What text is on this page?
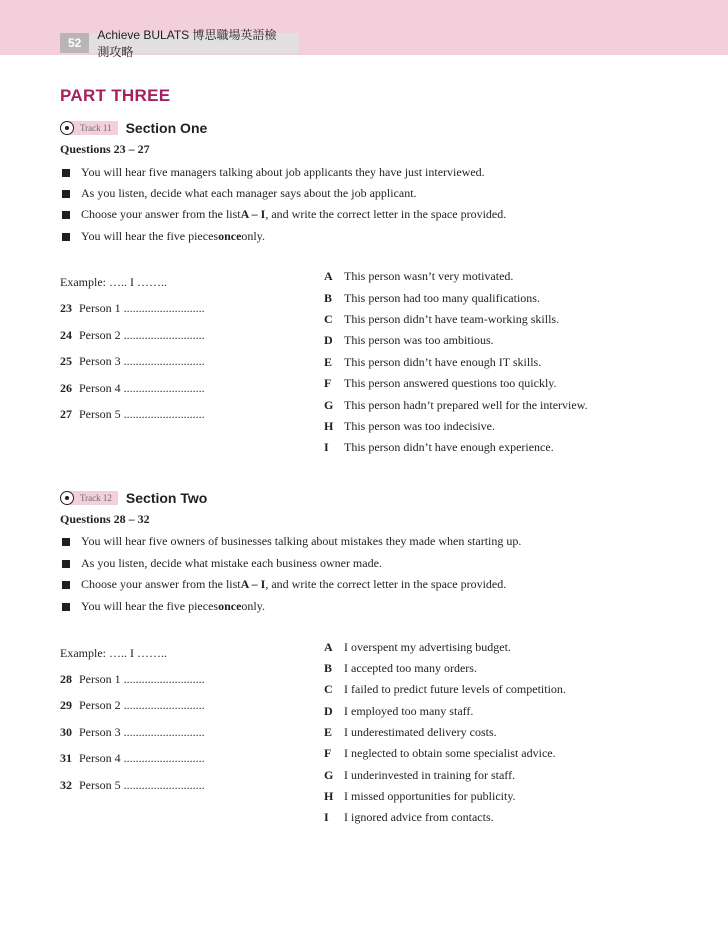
52
Achieve BULATS 博思職場英語檢測攻略
PART THREE
Track 11	Section One
Questions 23 – 27
You will hear five managers talking about job applicants they have just interviewed.
As you listen, decide what each manager says about the job applicant.
Choose your answer from the list A – I , and write the correct letter in the space provided.
You will hear the five pieces once only.
Example: ….. I ……..
23 Person 1 ...........................
24 Person 2 ...........................
25 Person 3 ...........................
26 Person 4 ...........................
27 Person 5 ...........................
A This person wasn’t very motivated.
B This person had too many qualifications.
C This person didn’t have team-working skills.
D This person was too ambitious.
E This person didn’t have enough IT skills.
F This person answered questions too quickly.
G This person hadn’t prepared well for the interview.
H This person was too indecisive.
I This person didn’t have enough experience.
Track 12	Section Two
Questions 28 – 32
You will hear five owners of businesses talking about mistakes they made when starting up.
As you listen, decide what mistake each business owner made.
Choose your answer from the list A – I , and write the correct letter in the space provided.
You will hear the five pieces once only.
Example: ….. I ……..
28 Person 1 ...........................
29 Person 2 ...........................
30 Person 3 ...........................
31 Person 4 ...........................
32 Person 5 ...........................
A I overspent my advertising budget.
B I accepted too many orders.
C I failed to predict future levels of competition.
D I employed too many staff.
E I underestimated delivery costs.
F I neglected to obtain some specialist advice.
G I underinvested in training for staff.
H I missed opportunities for publicity.
I I ignored advice from contacts.
